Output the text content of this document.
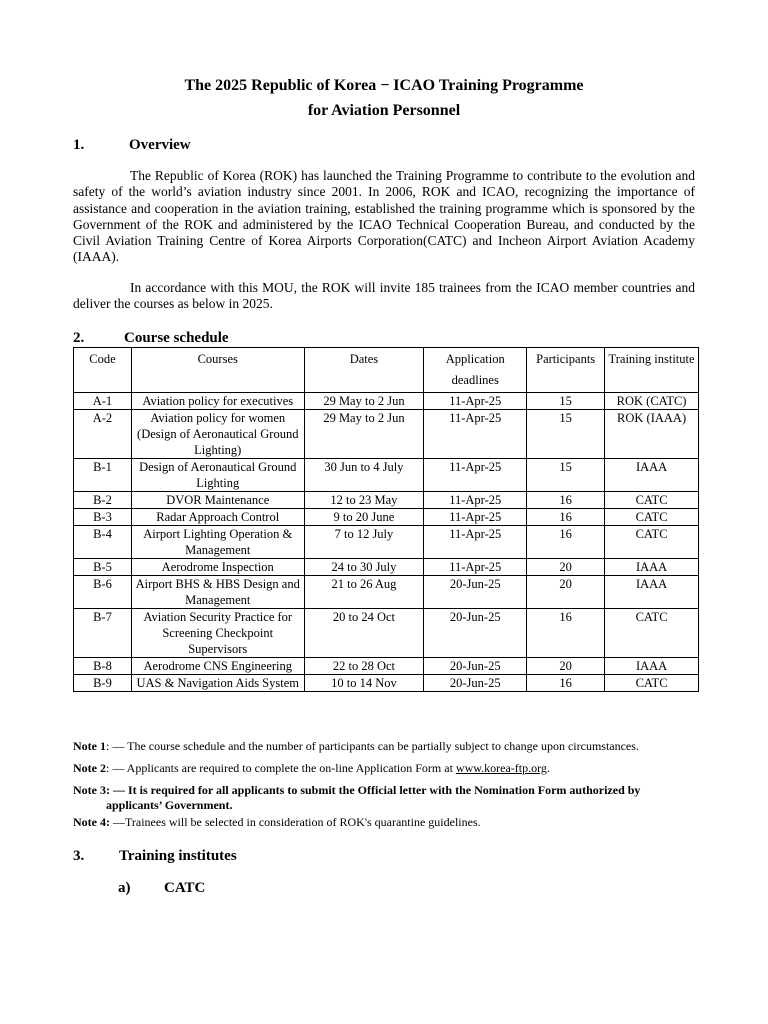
The 2025 Republic of Korea − ICAO Training Programme
for Aviation Personnel
1.	Overview

The Republic of Korea (ROK) has launched the Training Programme to contribute to the evolution and safety of the world’s aviation industry since 2001. In 2006, ROK and ICAO, recognizing the importance of assistance and cooperation in the aviation training, established the training programme which is sponsored by the Government of the ROK and administered by the ICAO Technical Cooperation Bureau, and conducted by the Civil Aviation Training Centre of Korea Airports Corporation(CATC) and Incheon Airport Aviation Academy (IAAA).

In accordance with this MOU, the ROK will invite 185 trainees from the ICAO member countries and deliver the courses as below in 2025.

2.	Course schedule
Code	Courses	Dates	Application deadlines	Participants	Training institute
A-1	Aviation policy for executives	29 May to 2 Jun	11-Apr-25	15	ROK (CATC)
A-2	Aviation policy for women (Design of Aeronautical Ground Lighting)	29 May to 2 Jun	11-Apr-25	15	ROK (IAAA)
B-1	Design of Aeronautical Ground Lighting	30 Jun to 4 July	11-Apr-25	15	IAAA
B-2	DVOR Maintenance	12 to 23 May	11-Apr-25	16	CATC
B-3	Radar Approach Control	9 to 20 June	11-Apr-25	16	CATC
B-4	Airport Lighting Operation & Management	7 to 12 July	11-Apr-25	16	CATC
B-5	Aerodrome Inspection	24 to 30 July	11-Apr-25	20	IAAA
B-6	Airport BHS & HBS Design and Management	21 to 26 Aug	20-Jun-25	20	IAAA
B-7	Aviation Security Practice for Screening Checkpoint Supervisors	20 to 24 Oct	20-Jun-25	16	CATC
B-8	Aerodrome CNS Engineering	22 to 28 Oct	20-Jun-25	20	IAAA
B-9	UAS & Navigation Aids System	10 to 14 Nov	20-Jun-25	16	CATC
Note 1: — The course schedule and the number of participants can be partially subject to change upon circumstances.
Note 2: — Applicants are required to complete the on-line Application Form at www.korea-ftp.org.
Note 3: — It is required for all applicants to submit the Official letter with the Nomination Form authorized by
applicants’ Government.
Note 4: —Trainees will be selected in consideration of ROK's quarantine guidelines.
3. Training institutes
a) CATC
